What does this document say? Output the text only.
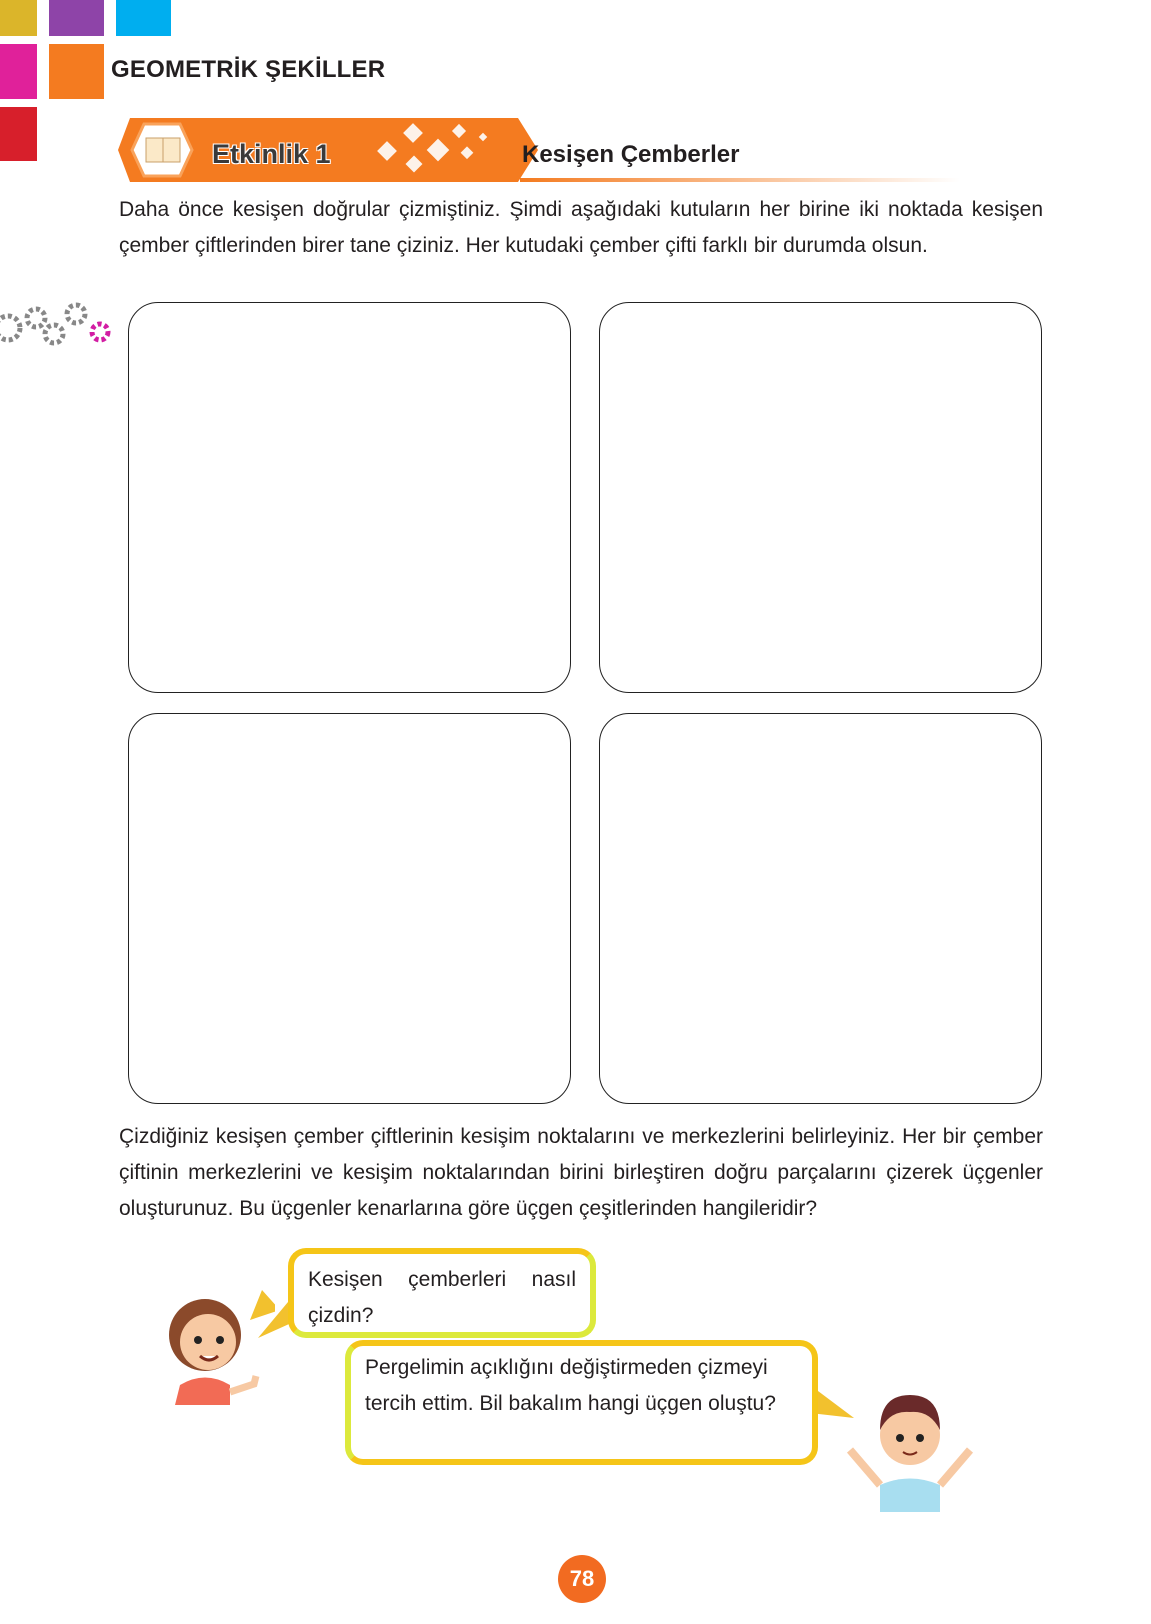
GEOMETRİK ŞEKİLLER
Etkinlik 1	Kesişen Çemberler
Daha önce kesişen doğrular çizmiştiniz. Şimdi aşağıdaki kutuların her birine iki noktada kesişen çember çiftlerinden birer tane çiziniz. Her kutudaki çember çifti farklı bir durumda olsun.
Çizdiğiniz kesişen çember çiftlerinin kesişim noktalarını ve merkezlerini belirleyiniz. Her bir çember çiftinin merkezlerini ve kesişim noktalarından birini birleştiren doğru parçalarını çizerek üçgenler oluşturunuz. Bu üçgenler kenarlarına göre üçgen çeşitlerinden hangileridir?
Kesişen çemberleri nasıl çizdin?
Pergelimin açıklığını değiştirmeden çizmeyi tercih ettim. Bil bakalım hangi üçgen oluştu?
78
